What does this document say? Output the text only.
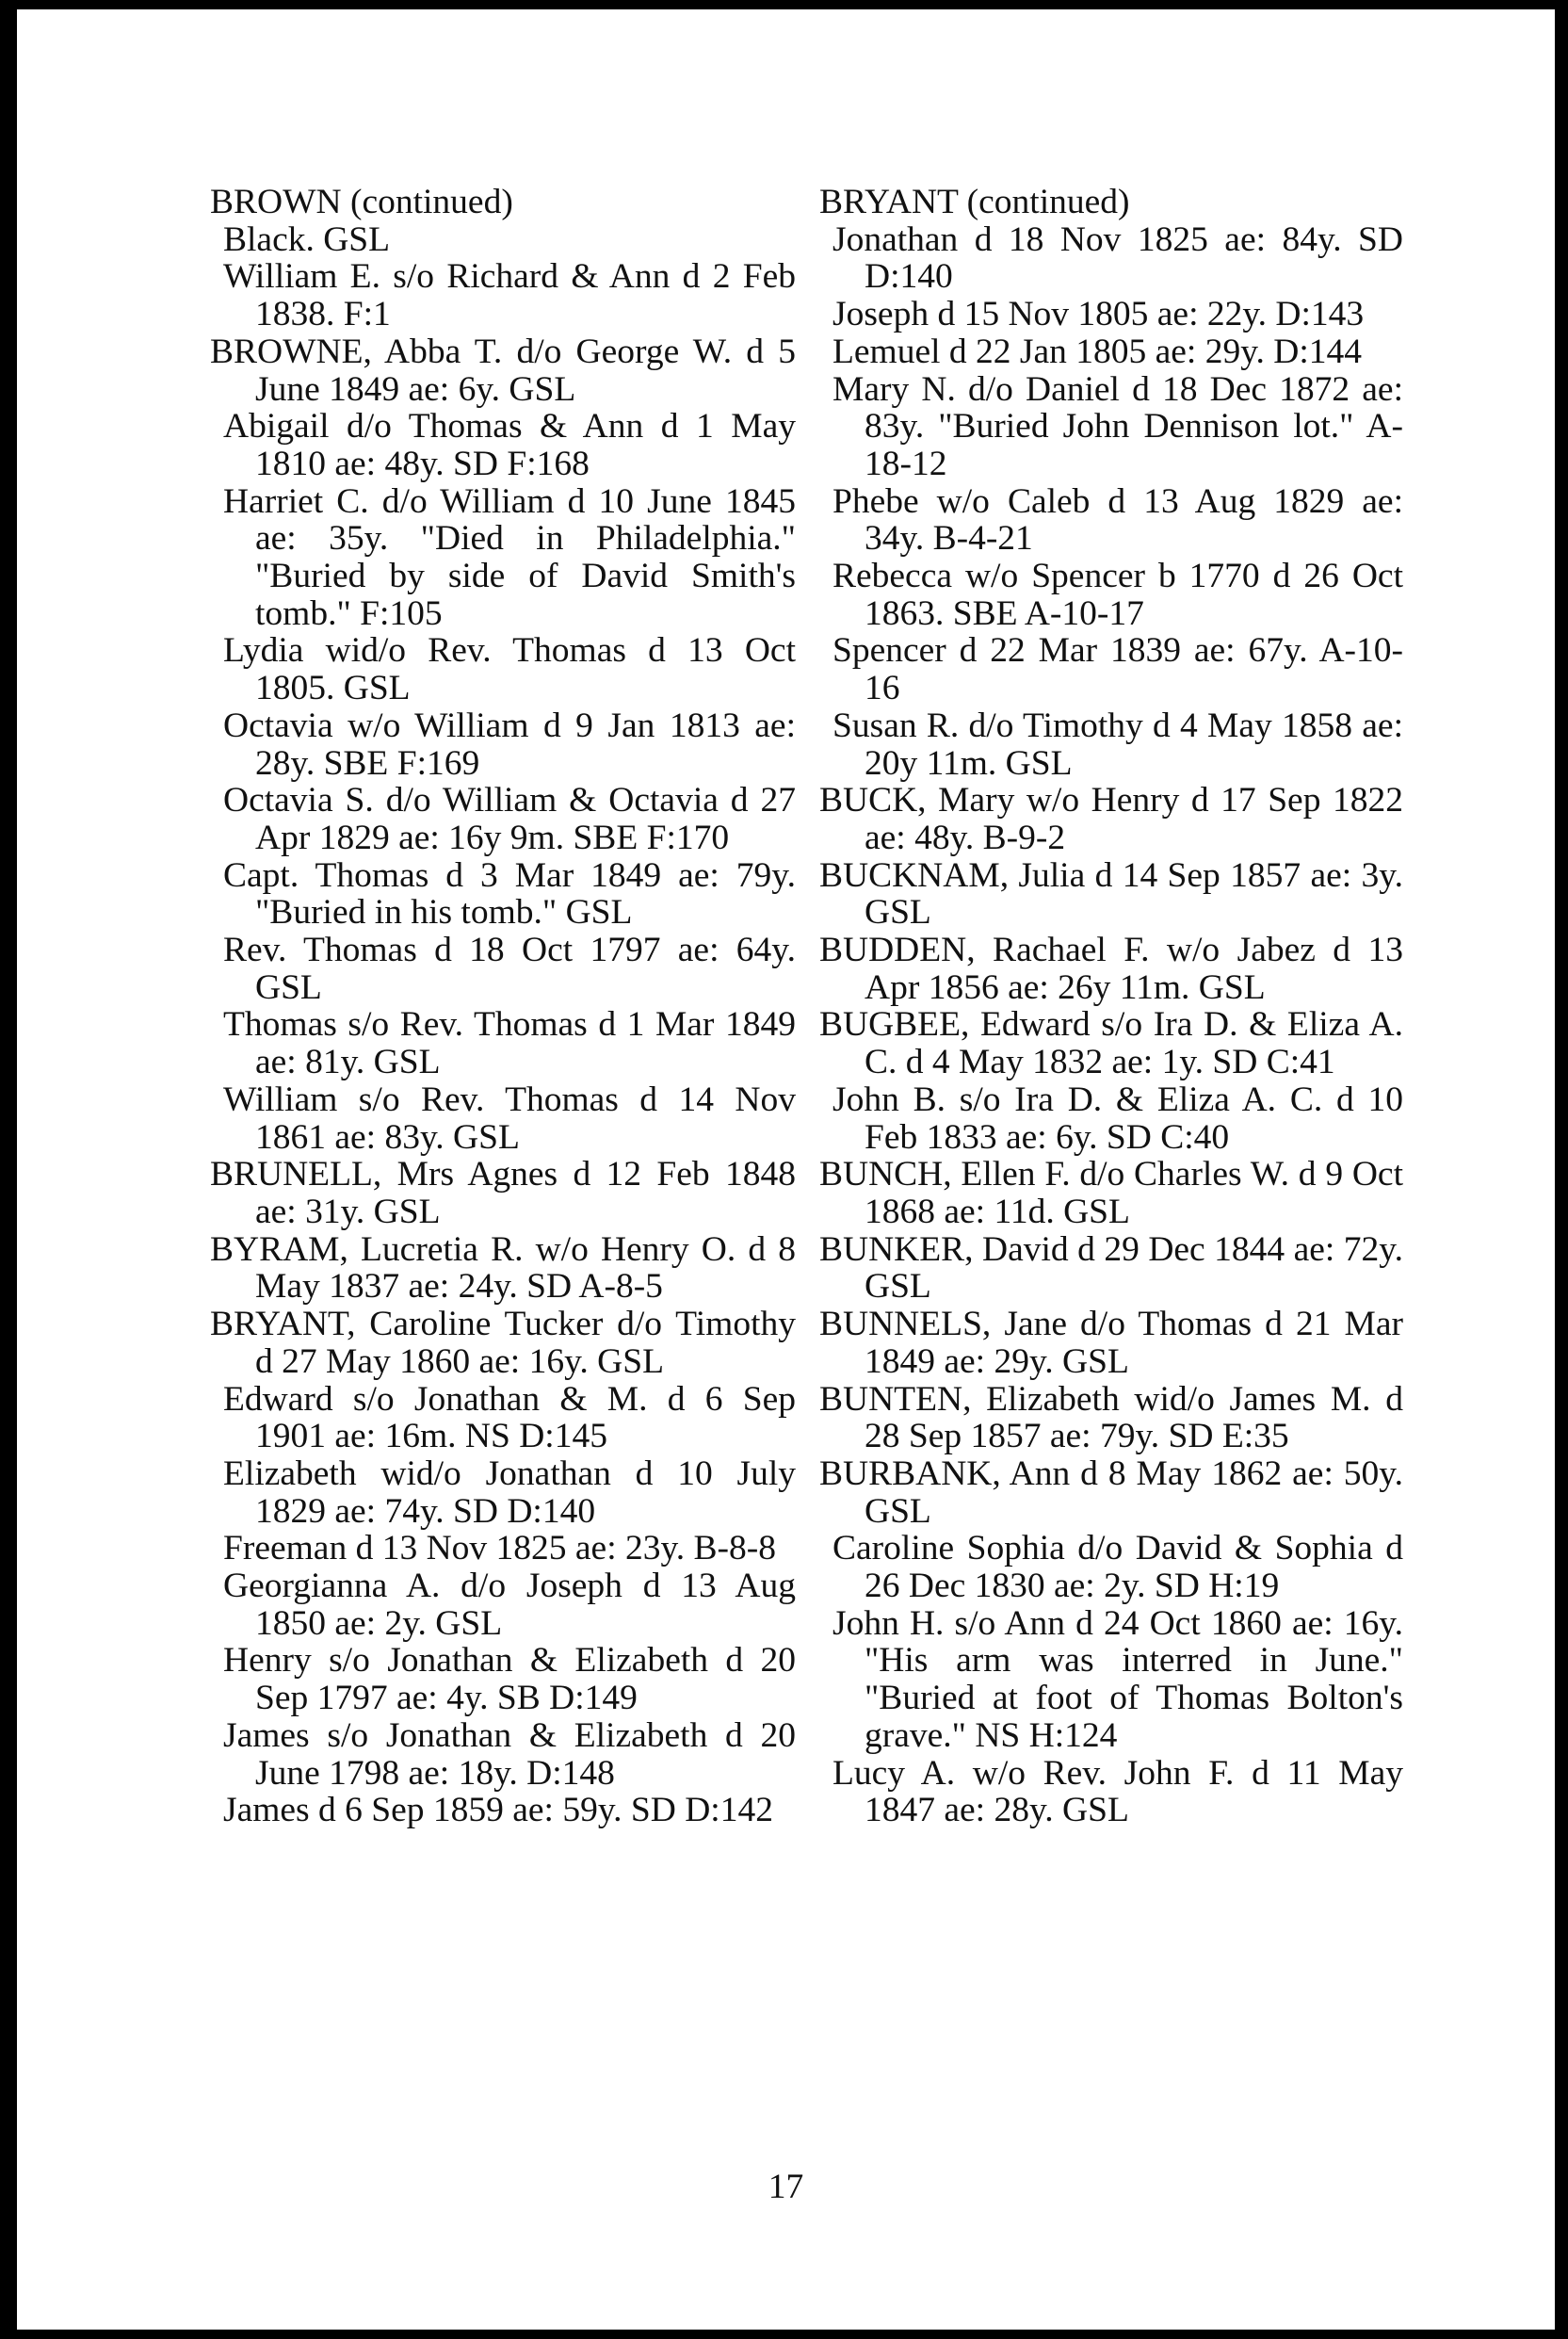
BROWN (continued)
Black. GSL
William E. s/o Richard & Ann d 2 Feb 1838. F:1
BROWNE, Abba T. d/o George W. d 5 June 1849 ae: 6y. GSL
Abigail d/o Thomas & Ann d 1 May 1810 ae: 48y. SD F:168
Harriet C. d/o William d 10 June 1845 ae: 35y. "Died in Philadelphia." "Buried by side of David Smith's tomb." F:105
Lydia wid/o Rev. Thomas d 13 Oct 1805. GSL
Octavia w/o William d 9 Jan 1813 ae: 28y. SBE F:169
Octavia S. d/o William & Octavia d 27 Apr 1829 ae: 16y 9m. SBE F:170
Capt. Thomas d 3 Mar 1849 ae: 79y. "Buried in his tomb." GSL
Rev. Thomas d 18 Oct 1797 ae: 64y. GSL
Thomas s/o Rev. Thomas d 1 Mar 1849 ae: 81y. GSL
William s/o Rev. Thomas d 14 Nov 1861 ae: 83y. GSL
BRUNELL, Mrs Agnes d 12 Feb 1848 ae: 31y. GSL
BYRAM, Lucretia R. w/o Henry O. d 8 May 1837 ae: 24y. SD A-8-5
BRYANT, Caroline Tucker d/o Timothy d 27 May 1860 ae: 16y. GSL
Edward s/o Jonathan & M. d 6 Sep 1901 ae: 16m. NS D:145
Elizabeth wid/o Jonathan d 10 July 1829 ae: 74y. SD D:140
Freeman d 13 Nov 1825 ae: 23y. B-8-8
Georgianna A. d/o Joseph d 13 Aug 1850 ae: 2y. GSL
Henry s/o Jonathan & Elizabeth d 20 Sep 1797 ae: 4y. SB D:149
James s/o Jonathan & Elizabeth d 20 June 1798 ae: 18y. D:148
James d 6 Sep 1859 ae: 59y. SD D:142
BRYANT (continued)
Jonathan d 18 Nov 1825 ae: 84y. SD D:140
Joseph d 15 Nov 1805 ae: 22y. D:143
Lemuel d 22 Jan 1805 ae: 29y. D:144
Mary N. d/o Daniel d 18 Dec 1872 ae: 83y. "Buried John Dennison lot." A-18-12
Phebe w/o Caleb d 13 Aug 1829 ae: 34y. B-4-21
Rebecca w/o Spencer b 1770 d 26 Oct 1863. SBE A-10-17
Spencer d 22 Mar 1839 ae: 67y. A-10-16
Susan R. d/o Timothy d 4 May 1858 ae: 20y 11m. GSL
BUCK, Mary w/o Henry d 17 Sep 1822 ae: 48y. B-9-2
BUCKNAM, Julia d 14 Sep 1857 ae: 3y. GSL
BUDDEN, Rachael F. w/o Jabez d 13 Apr 1856 ae: 26y 11m. GSL
BUGBEE, Edward s/o Ira D. & Eliza A. C. d 4 May 1832 ae: 1y. SD C:41
John B. s/o Ira D. & Eliza A. C. d 10 Feb 1833 ae: 6y. SD C:40
BUNCH, Ellen F. d/o Charles W. d 9 Oct 1868 ae: 11d. GSL
BUNKER, David d 29 Dec 1844 ae: 72y. GSL
BUNNELS, Jane d/o Thomas d 21 Mar 1849 ae: 29y. GSL
BUNTEN, Elizabeth wid/o James M. d 28 Sep 1857 ae: 79y. SD E:35
BURBANK, Ann d 8 May 1862 ae: 50y. GSL
Caroline Sophia d/o David & Sophia d 26 Dec 1830 ae: 2y. SD H:19
John H. s/o Ann d 24 Oct 1860 ae: 16y. "His arm was interred in June." "Buried at foot of Thomas Bolton's grave." NS H:124
Lucy A. w/o Rev. John F. d 11 May 1847 ae: 28y. GSL
17
